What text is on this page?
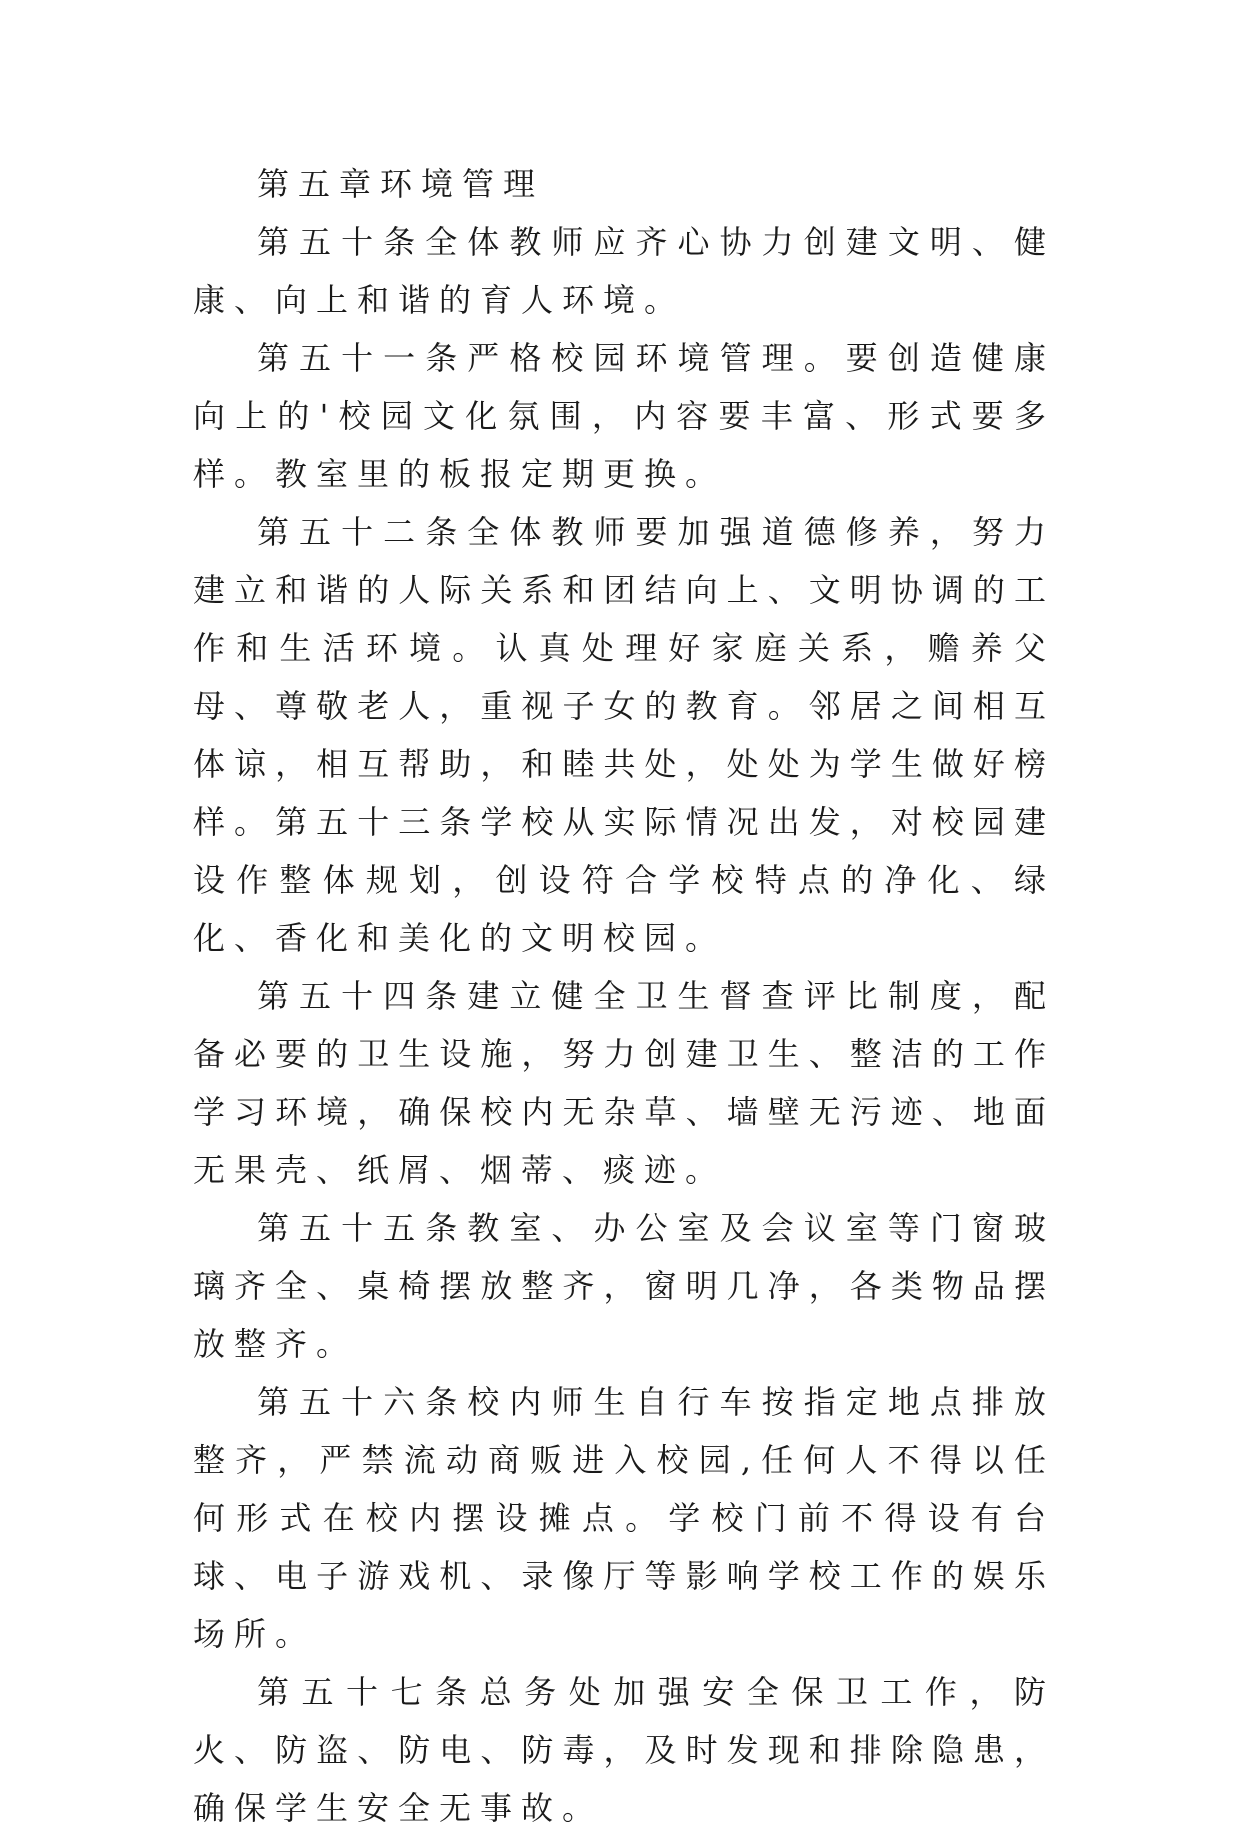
第五章环境管理

第五十条全体教师应齐心协力创建文明、健康、向上和谐的育人环境。

第五十一条严格校园环境管理。要创造健康向上的'校园文化氛围，内容要丰富、形式要多样。教室里的板报定期更换。

第五十二条全体教师要加强道德修养，努力建立和谐的人际关系和团结向上、文明协调的工作和生活环境。认真处理好家庭关系，赡养父母、尊敬老人，重视子女的教育。邻居之间相互体谅，相互帮助，和睦共处，处处为学生做好榜样。第五十三条学校从实际情况出发，对校园建设作整体规划，创设符合学校特点的净化、绿化、香化和美化的文明校园。

第五十四条建立健全卫生督查评比制度，配备必要的卫生设施，努力创建卫生、整洁的工作学习环境，确保校内无杂草、墙壁无污迹、地面无果壳、纸屑、烟蒂、痰迹。

第五十五条教室、办公室及会议室等门窗玻璃齐全、桌椅摆放整齐，窗明几净，各类物品摆放整齐。

第五十六条校内师生自行车按指定地点排放整齐，严禁流动商贩进入校园,任何人不得以任何形式在校内摆设摊点。学校门前不得设有台球、电子游戏机、录像厅等影响学校工作的娱乐场所。

第五十七条总务处加强安全保卫工作，防火、防盗、防电、防毒，及时发现和排除隐患，确保学生安全无事故。
